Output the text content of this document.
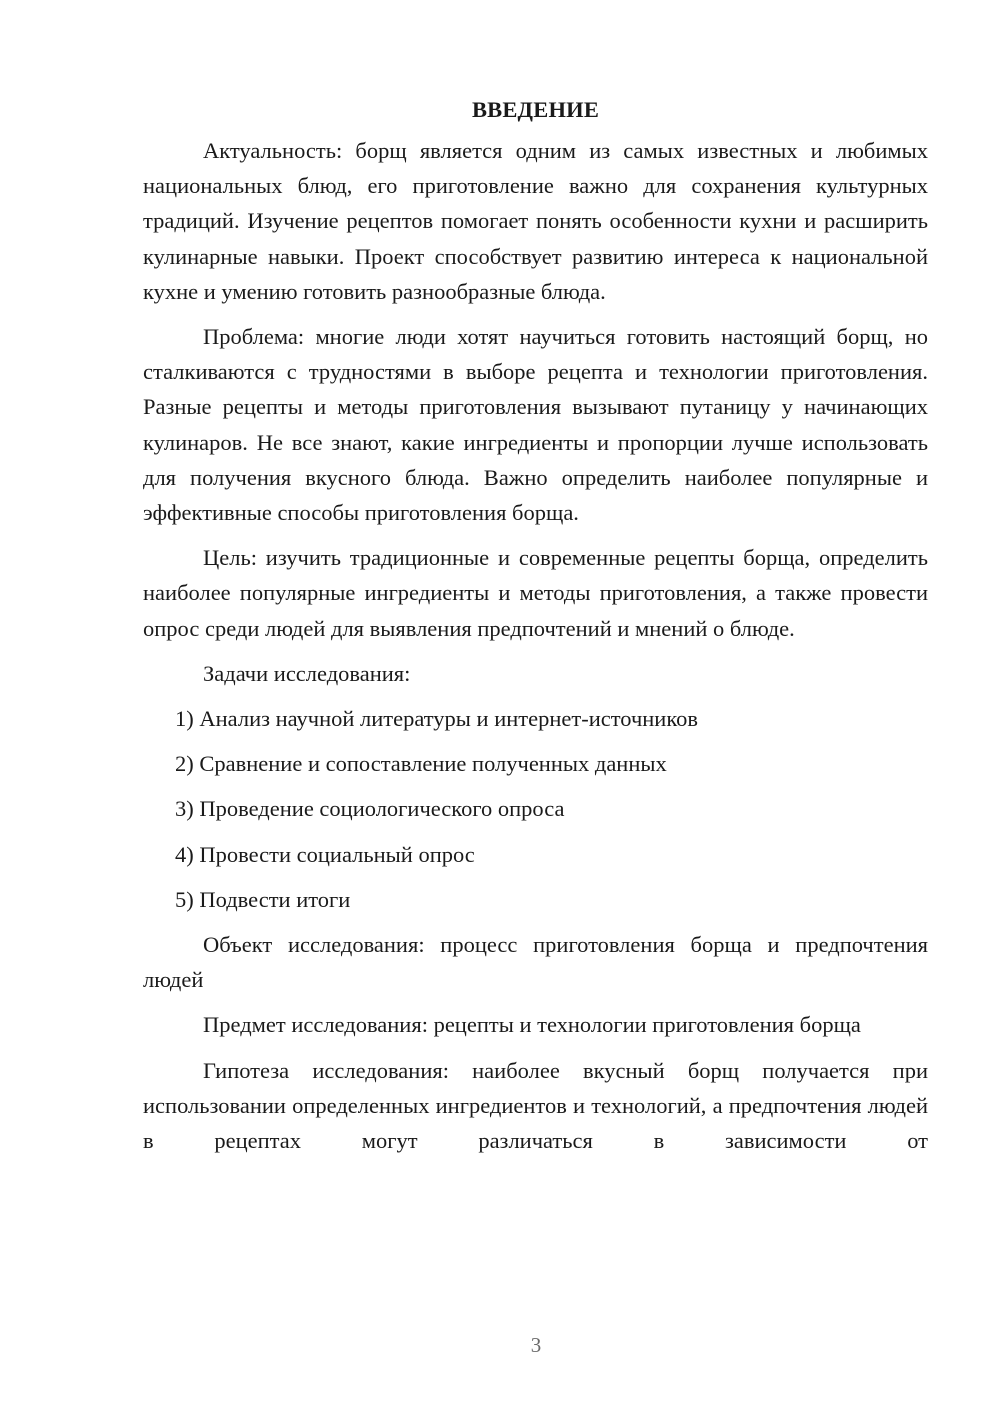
ВВЕДЕНИЕ

Актуальность: борщ является одним из самых известных и любимых национальных блюд, его приготовление важно для сохранения культурных традиций. Изучение рецептов помогает понять особенности кухни и расширить кулинарные навыки. Проект способствует развитию интереса к национальной кухне и умению готовить разнообразные блюда.

Проблема: многие люди хотят научиться готовить настоящий борщ, но сталкиваются с трудностями в выборе рецепта и технологии приготовления. Разные рецепты и методы приготовления вызывают путаницу у начинающих кулинаров. Не все знают, какие ингредиенты и пропорции лучше использовать для получения вкусного блюда. Важно определить наиболее популярные и эффективные способы приготовления борща.

Цель: изучить традиционные и современные рецепты борща, определить наиболее популярные ингредиенты и методы приготовления, а также провести опрос среди людей для выявления предпочтений и мнений о блюде.

Задачи исследования:

1) Анализ научной литературы и интернет-источников

2) Сравнение и сопоставление полученных данных

3) Проведение социологического опроса

4) Провести социальный опрос

5) Подвести итоги

Объект исследования: процесс приготовления борща и предпочтения людей

Предмет исследования: рецепты и технологии приготовления борща

Гипотеза исследования: наиболее вкусный борщ получается при использовании определенных ингредиентов и технологий, а предпочтения людей в рецептах могут различаться в зависимости от

3
